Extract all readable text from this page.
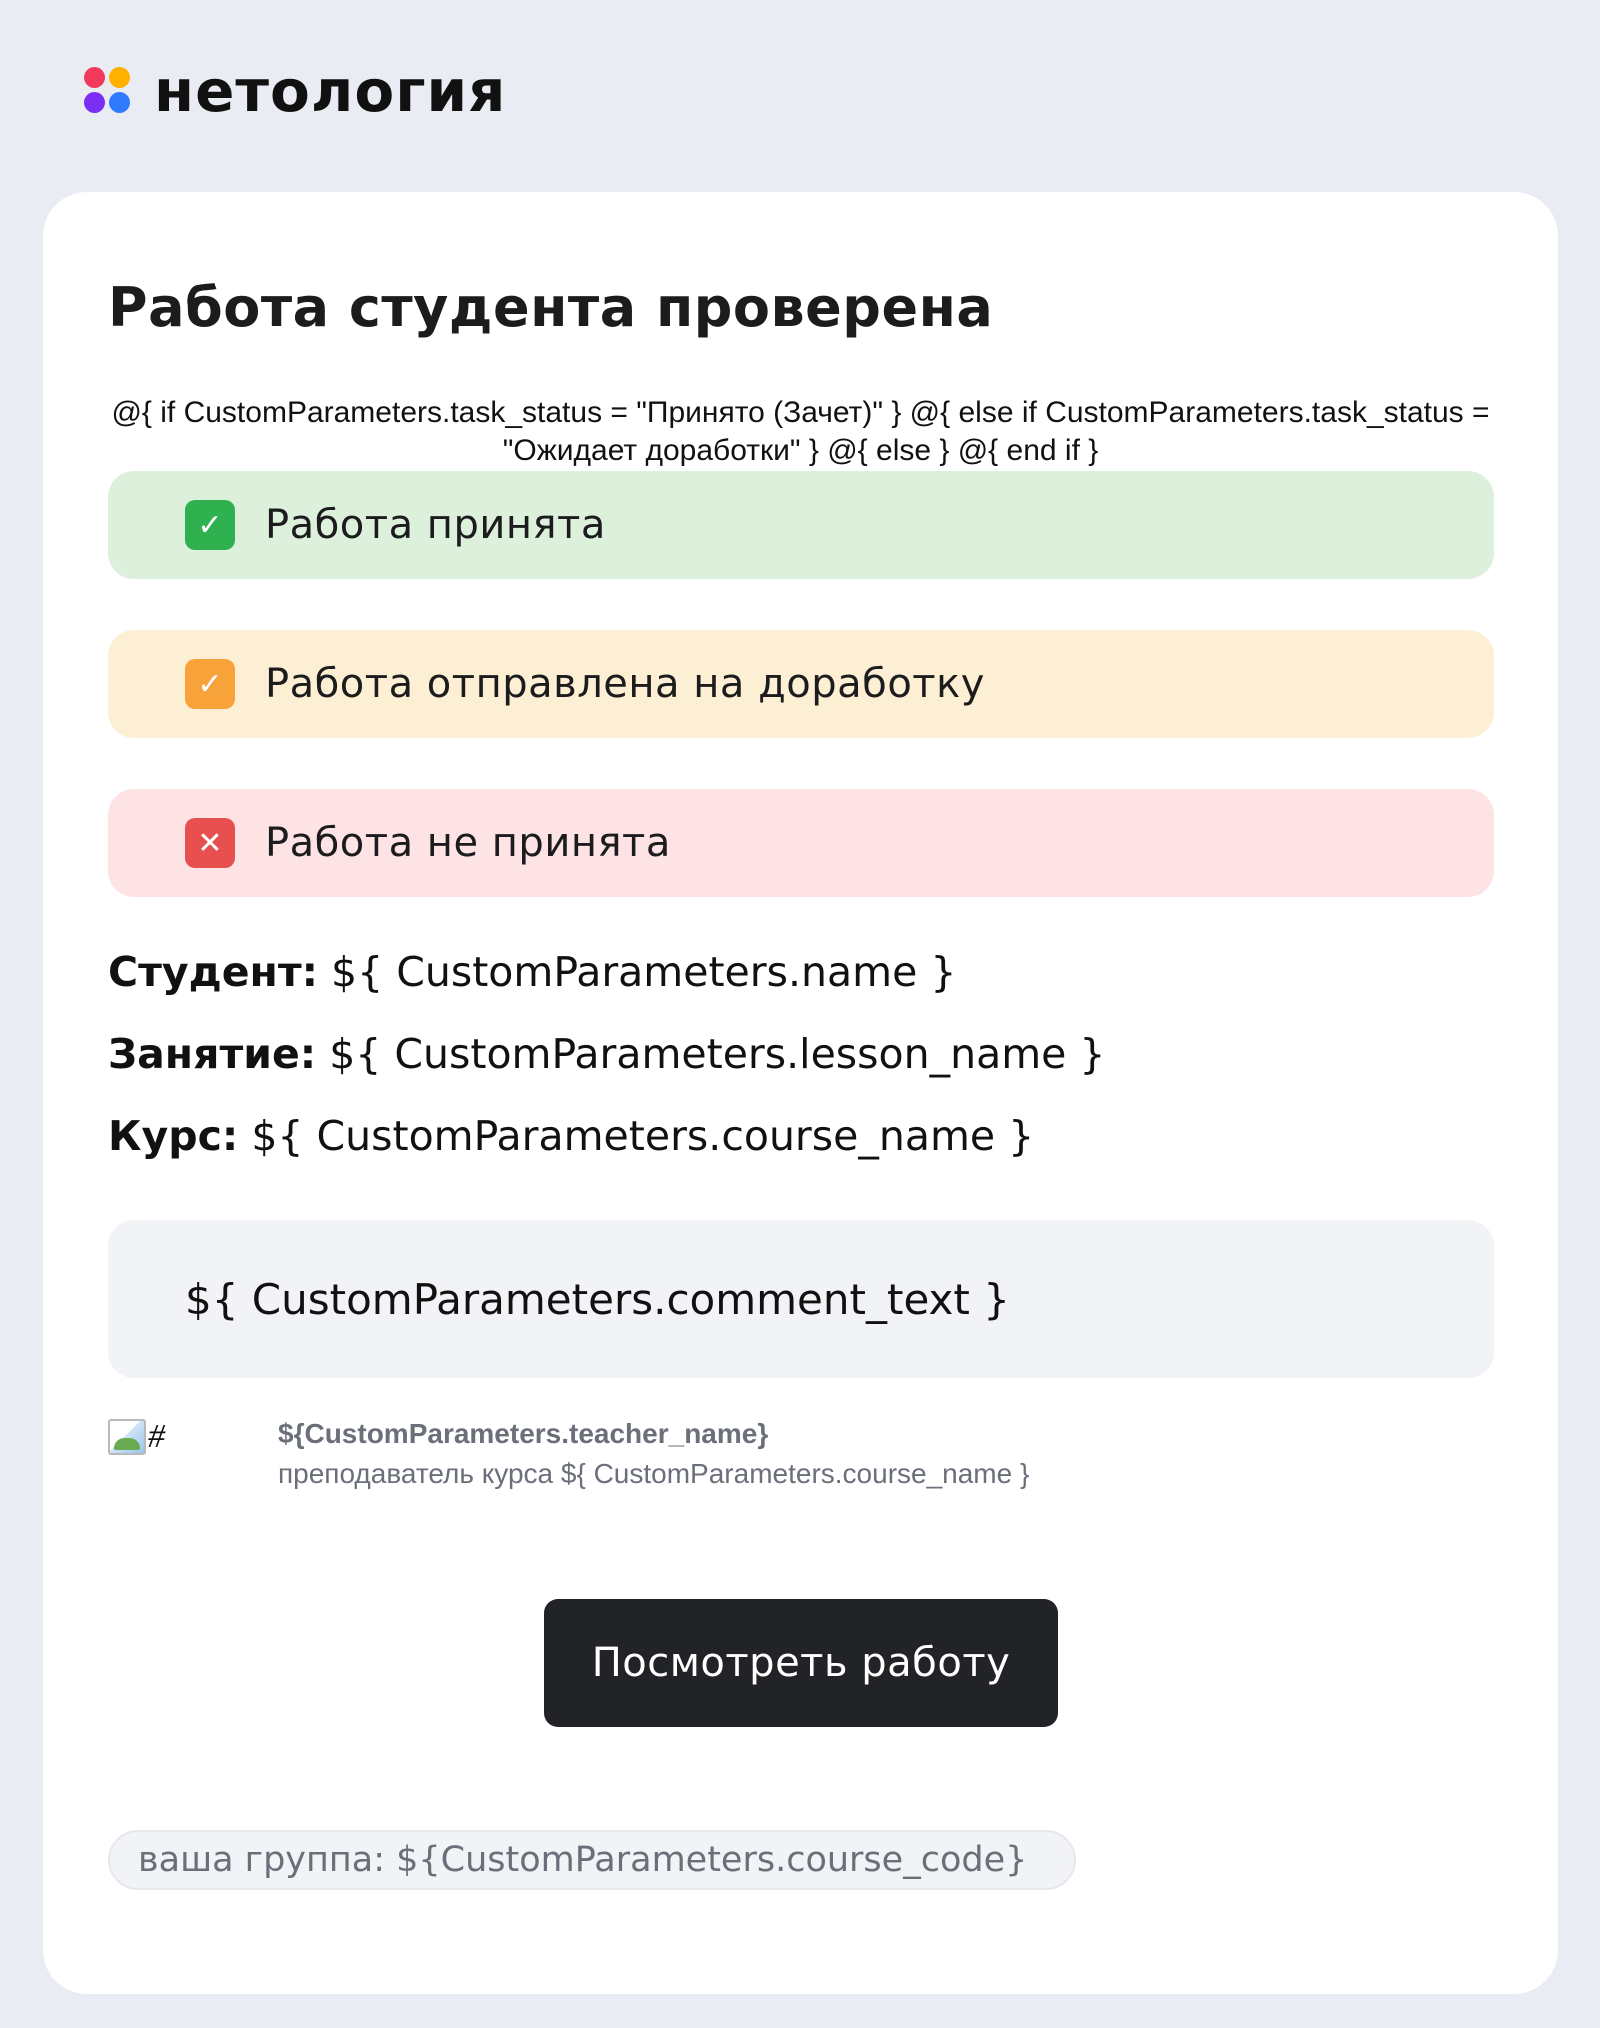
нетология
Работа студента проверена
@{ if CustomParameters.task_status = "Принято (Зачет)" } @{ else if CustomParameters.task_status = "Ожидает доработки" } @{ else } @{ end if }
✓	Работа принята
✓	Работа отправлена на доработку
✕	Работа не принята
Студент: ${ CustomParameters.name }
Занятие: ${ CustomParameters.lesson_name }
Курс: ${ CustomParameters.course_name }
${ CustomParameters.comment_text }
#	${CustomParameters.teacher_name}
преподаватель курса ${ CustomParameters.course_name }
Посмотреть работу
ваша группа: ${CustomParameters.course_code}
